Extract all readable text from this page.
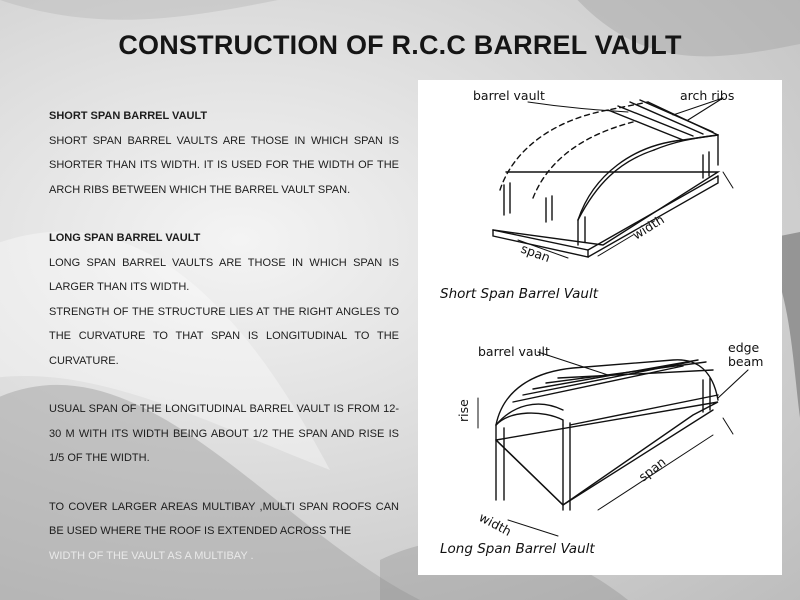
CONSTRUCTION OF R.C.C BARREL VAULT

SHORT SPAN BARREL VAULT

SHORT SPAN BARREL VAULTS ARE THOSE IN WHICH SPAN IS SHORTER THAN ITS WIDTH. IT IS USED FOR THE WIDTH OF THE ARCH RIBS BETWEEN WHICH THE BARREL VAULT SPAN.

LONG SPAN BARREL VAULT

LONG SPAN BARREL VAULTS ARE THOSE IN WHICH SPAN IS LARGER THAN ITS WIDTH.

STRENGTH OF THE STRUCTURE LIES AT THE RIGHT ANGLES TO THE CURVATURE TO THAT SPAN IS LONGITUDINAL TO THE CURVATURE.

USUAL SPAN OF THE LONGITUDINAL BARREL VAULT IS FROM 12-30 M WITH ITS WIDTH BEING ABOUT 1/2 THE SPAN AND RISE IS 1/5 OF THE WIDTH.

TO COVER LARGER AREAS MULTIBAY ,MULTI SPAN ROOFS CAN BE USED WHERE THE ROOF IS EXTENDED ACROSS THE

WIDTH OF THE VAULT AS A MULTIBAY .

barrel vault	arch ribs
span
width
Short Span Barrel Vault
barrel vault	edge
beam
rise
width
span
Long Span Barrel Vault
